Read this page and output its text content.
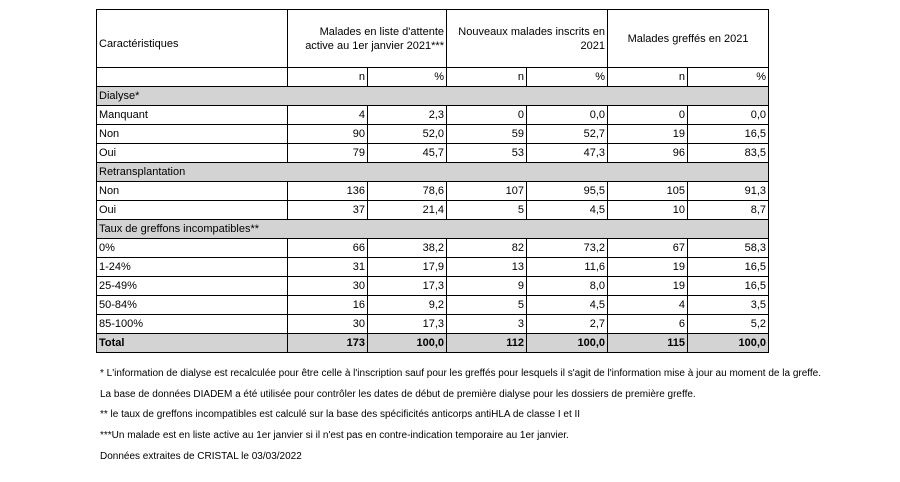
Caractéristiques	Malades en liste d'attente active au 1er janvier 2021***		Nouveaux malades inscrits en 2021		Malades greffés en 2021	
	n	%	n	%	n	%
Dialyse*						
Manquant	4	2,3	0	0,0	0	0,0
Non	90	52,0	59	52,7	19	16,5
Oui	79	45,7	53	47,3	96	83,5
Retransplantation						
Non	136	78,6	107	95,5	105	91,3
Oui	37	21,4	5	4,5	10	8,7
Taux de greffons incompatibles**						
0%	66	38,2	82	73,2	67	58,3
1-24%	31	17,9	13	11,6	19	16,5
25-49%	30	17,3	9	8,0	19	16,5
50-84%	16	9,2	5	4,5	4	3,5
85-100%	30	17,3	3	2,7	6	5,2
Total	173	100,0	112	100,0	115	100,0

* L'information de dialyse est recalculée pour être celle à l'inscription sauf pour les greffés pour lesquels il s'agit de l'information mise à jour au moment de la greffe.

La base de données DIADEM a été utilisée pour contrôler les dates de début de première dialyse pour les dossiers de première greffe.

** le taux de greffons incompatibles est calculé sur la base des spécificités anticorps antiHLA de classe I et II

***Un malade est en liste active au 1er janvier si il n'est pas en contre-indication temporaire au 1er janvier.

Données extraites de CRISTAL le 03/03/2022
